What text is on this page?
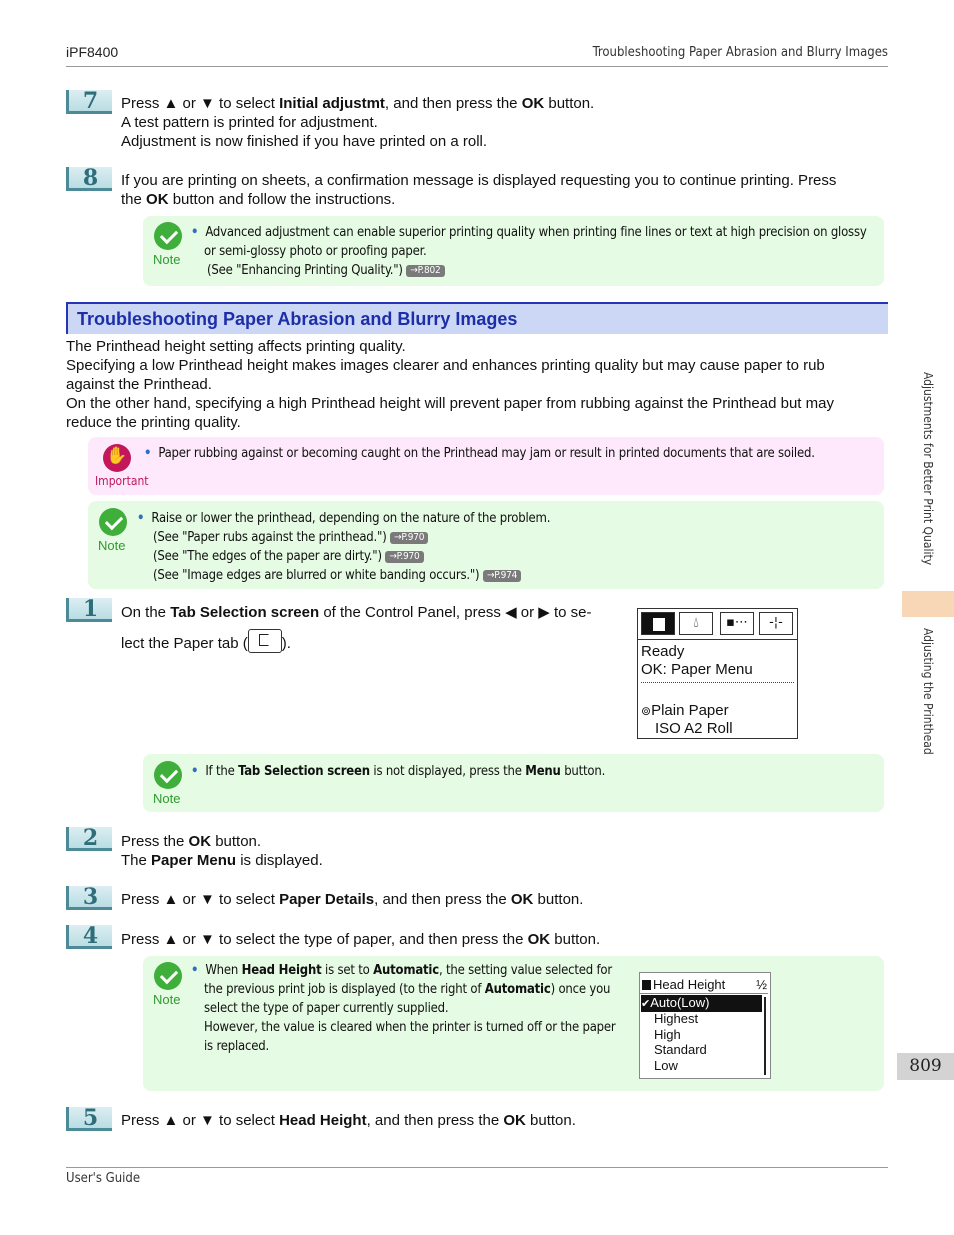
iPF8400	Troubleshooting Paper Abrasion and Blurry Images
7	Press ▲ or ▼ to select Initial adjustmt, and then press the OK button.
A test pattern is printed for adjustment.
Adjustment is now finished if you have printed on a roll.
8	If you are printing on sheets, a confirmation message is displayed requesting you to continue printing. Press
the OK button and follow the instructions.
Note
• Advanced adjustment can enable superior printing quality when printing fine lines or text at high precision on glossy
or semi-glossy photo or proofing paper.
(See "Enhancing Printing Quality.") →P.802
Troubleshooting Paper Abrasion and Blurry Images
The Printhead height setting affects printing quality.
Specifying a low Printhead height makes images clearer and enhances printing quality but may cause paper to rub
against the Printhead.
On the other hand, specifying a high Printhead height will prevent paper from rubbing against the Printhead but may
reduce the printing quality.
✋
Important
• Paper rubbing against or becoming caught on the Printhead may jam or result in printed documents that are soiled.
Note
• Raise or lower the printhead, depending on the nature of the problem.
(See "Paper rubs against the printhead.") →P.970
(See "The edges of the paper are dirty.") →P.970
(See "Image edges are blurred or white banding occurs.") →P.974
1	On the Tab Selection screen of the Control Panel, press ◀ or ▶ to se-
lect the Paper tab ( ).
💧︎	▪⋯	-¦-
Ready
OK: Paper Menu
⊚Plain Paper
ISO A2 Roll
Note
• If the Tab Selection screen is not displayed, press the Menu button.
2	Press the OK button.
The Paper Menu is displayed.
3	Press ▲ or ▼ to select Paper Details, and then press the OK button.
4	Press ▲ or ▼ to select the type of paper, and then press the OK button.
Note
• When Head Height is set to Automatic, the setting value selected for
the previous print job is displayed (to the right of Automatic) once you
select the type of paper currently supplied.
However, the value is cleared when the printer is turned off or the paper
is replaced.
Head Height ½
✔Auto(Low)
Highest
High
Standard
Low
5	Press ▲ or ▼ to select Head Height, and then press the OK button.
Adjustments for Better Print Quality
Adjusting the Printhead
809
User's Guide
